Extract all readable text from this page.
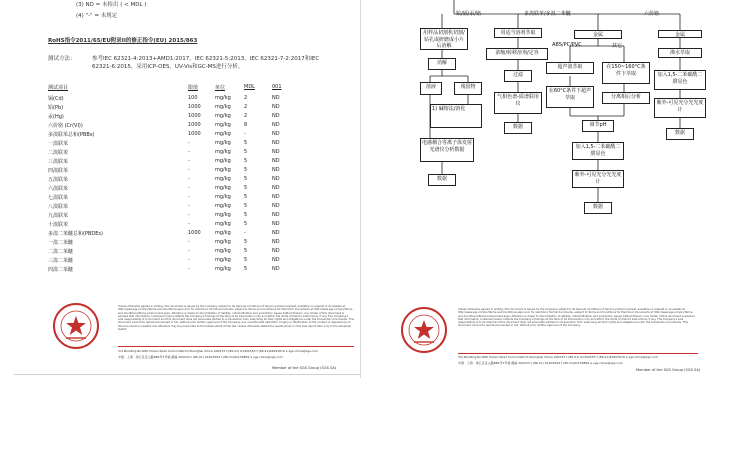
(3) ND = 未检出 ( < MDL )
(4) "-" = 未规定
RoHS指令2011/65/EU附录II的修正指令(EU) 2015/863
测试方法：	参考IEC 62321-4:2013+AMD1:2017，IEC 62321-5:2013，IEC 62321-7-2:2017和IEC
62321-6:2015，采用ICP-OES，UV-Vis和GC-MS进行分析。
测试项目	限值	单位	MDL	001
镉(Cd)	100	mg/kg	2	ND
铅(Pb)	1000	mg/kg	2	ND
汞(Hg)	1000	mg/kg	2	ND
六价铬 (Cr(VI))	1000	mg/kg	8	ND
多溴联苯总和(PBBs)	1000	mg/kg	-	ND
一溴联苯	-	mg/kg	5	ND
二溴联苯	-	mg/kg	5	ND
三溴联苯	-	mg/kg	5	ND
四溴联苯	-	mg/kg	5	ND
五溴联苯	-	mg/kg	5	ND
六溴联苯	-	mg/kg	5	ND
七溴联苯	-	mg/kg	5	ND
八溴联苯	-	mg/kg	5	ND
九溴联苯	-	mg/kg	5	ND
十溴联苯	-	mg/kg	5	ND
多溴二苯醚总和(PBDEs)	1000	mg/kg	-	ND
一溴二苯醚	-	mg/kg	5	ND
二溴二苯醚	-	mg/kg	5	ND
三溴二苯醚	-	mg/kg	5	ND
四溴二苯醚	-	mg/kg	5	ND
Unless otherwise agreed in writing, this document is issued by the Company subject to its General Conditions of Service printed overleaf, available on request or accessible at http://www.sgs.com/en/Terms-and-Conditions.aspx and, for electronic format documents, subject to Terms and Conditions for Electronic Documents at http://www.sgs.com/en/Terms-and-Conditions/Terms-e-Document.aspx. Attention is drawn to the limitation of liability, indemnification and jurisdiction issues defined therein. Any holder of this document is advised that information contained hereon reflects the Company's findings at the time of its intervention only and within the limits of Client's instructions, if any. The Company's sole responsibility is to its Client and this document does not exonerate parties to a transaction from exercising all their rights and obligations under the transaction documents. This document cannot be reproduced except in full, without prior written approval of the Company. Any unauthorized alteration, forgery or falsification of the content or appearance of this document is unlawful and offenders may be prosecuted to the fullest extent of the law. Unless otherwise stated the results shown in this test report refer only to the sample(s) tested.
3rd Building,No.889 Yishan Road Xuhui District,Shanghai China 200233 t (86-21) 61402553 f (86-21)64953679 e sgs.china@sgs.com
中国 · 上海 · 徐汇区宜山路889号3号楼 邮编 200233 t (86-21) 61402594 f (86-21)61156899 e sgs.china@sgs.com
Member of the SGS Group (SGS SA)
铅/镉/汞/铬	多溴联苯/多溴二苯醚	六价铬
用样品切割机切割/钻孔或研磨成小片后溶解
消解
溶液	残留物
1) 碱熔法/溶化
电感耦合等离子体发射光谱仪分析数据
数据
用适当溶剂萃取
浓缩/转移溶剂/定容
过滤
气相色谱-质谱联用仪
数据
金属
ABS/PC/PVC	其它
超声波萃取	在150~160°C条件下萃取
在60°C条件下超声萃取	分离相后分析
调节pH
加入1,5-二苯碳酰二肼显色
紫外-可见光分光光度计
数据
金属
沸水萃取
加入1,5-二苯碳酰二肼显色
紫外-可见光分光光度计
数据
Unless otherwise agreed in writing, this document is issued by the Company subject to its General Conditions of Service printed overleaf, available on request or accessible at http://www.sgs.com/en/Terms-and-Conditions.aspx and, for electronic format documents, subject to Terms and Conditions for Electronic Documents at http://www.sgs.com/en/Terms-and-Conditions/Terms-e-Document.aspx. Attention is drawn to the limitation of liability, indemnification and jurisdiction issues defined therein. Any holder of this document is advised that information contained hereon reflects the Company's findings at the time of its intervention only and within the limits of Client's instructions, if any. The Company's sole responsibility is to its Client and this document does not exonerate parties to a transaction from exercising all their rights and obligations under the transaction documents. This document cannot be reproduced except in full, without prior written approval of the Company.
3rd Building,No.889 Yishan Road Xuhui District,Shanghai China 200233 t (86-21) 61402553 f (86-21)64953679 e sgs.china@sgs.com
中国 · 上海 · 徐汇区宜山路889号3号楼 邮编 200233 t (86-21) 61402594 f (86-21)61156899 e sgs.china@sgs.com
Member of the SGS Group (SGS SA)
